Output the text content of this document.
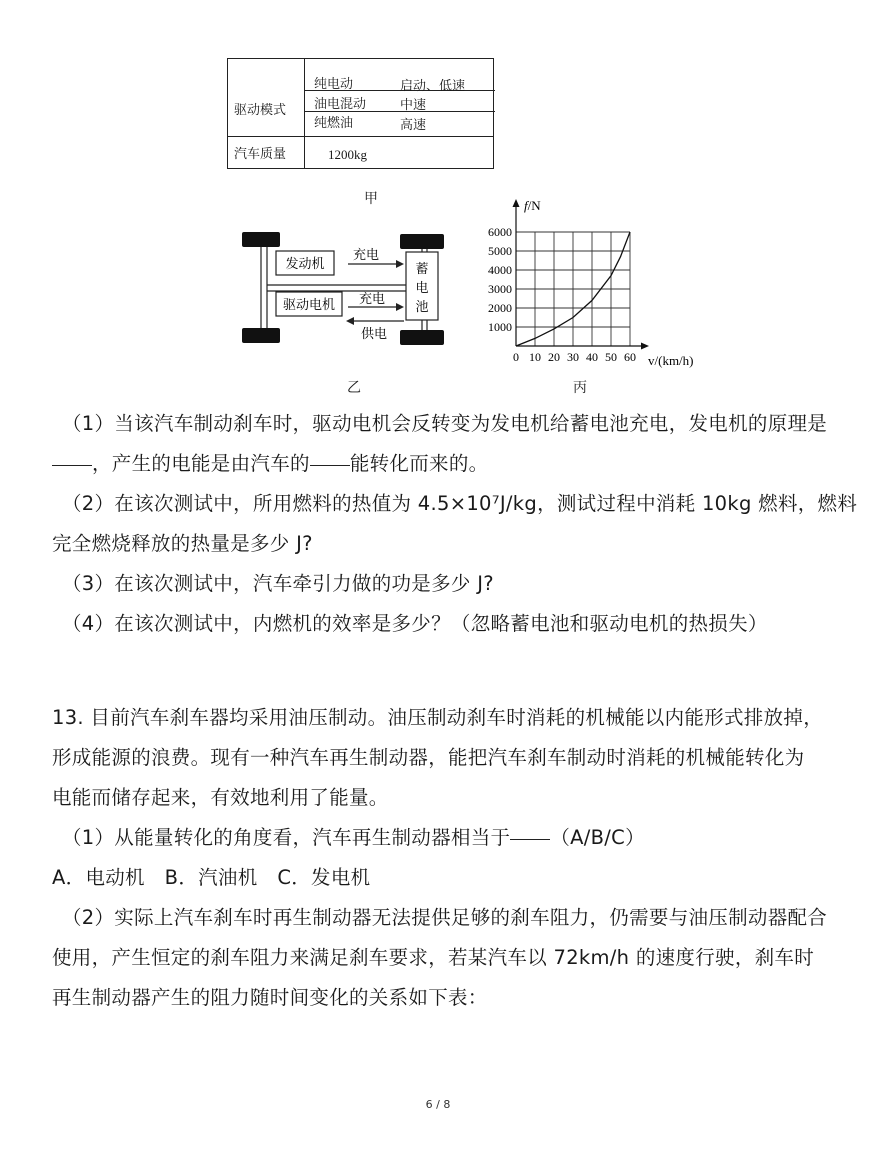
驱动模式
纯电动	启动、低速
油电混动	中速
纯燃油	高速
汽车质量	1200kg
甲
发动机
驱动电机
蓄
电
池
充电
充电
供电
乙
0 10 20 30 40 50 60
1000
2000
3000
4000
5000
6000
f/N
v/(km/h)
丙
（1）当该汽车制动刹车时，驱动电机会反转变为发电机给蓄电池充电，发电机的原理是
，产生的电能是由汽车的 能转化而来的。
（2）在该次测试中，所用燃料的热值为 4.5×10⁷J/kg，测试过程中消耗 10kg 燃料，燃料
完全燃烧释放的热量是多少 J?
（3）在该次测试中，汽车牵引力做的功是多少 J?
（4）在该次测试中，内燃机的效率是多少？（忽略蓄电池和驱动电机的热损失）
13. 目前汽车刹车器均采用油压制动。油压制动刹车时消耗的机械能以内能形式排放掉，
形成能源的浪费。现有一种汽车再生制动器，能把汽车刹车制动时消耗的机械能转化为
电能而储存起来，有效地利用了能量。
（1）从能量转化的角度看，汽车再生制动器相当于 （A/B/C）
A．电动机　B．汽油机　C．发电机
（2）实际上汽车刹车时再生制动器无法提供足够的刹车阻力，仍需要与油压制动器配合
使用，产生恒定的刹车阻力来满足刹车要求，若某汽车以 72km/h 的速度行驶，刹车时
再生制动器产生的阻力随时间变化的关系如下表：
6 / 8
